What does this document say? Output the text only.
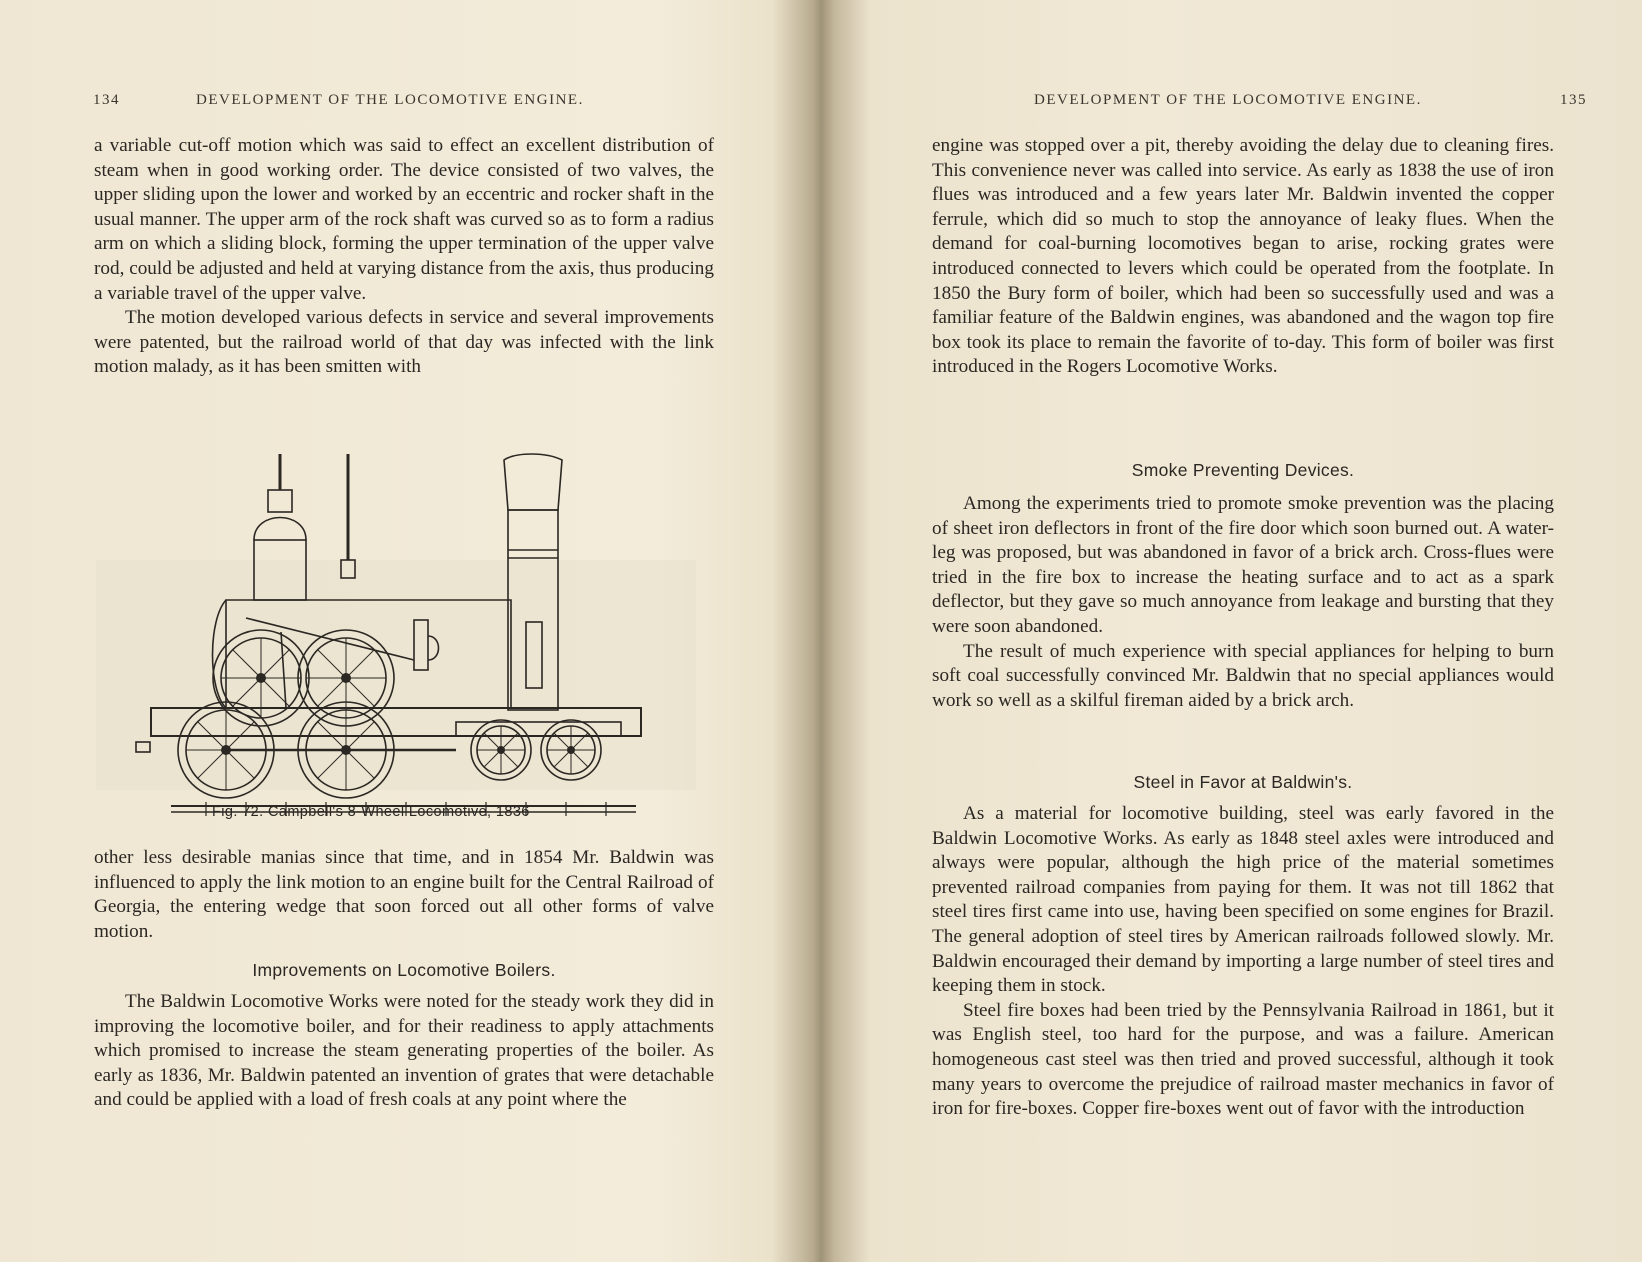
134	DEVELOPMENT OF THE LOCOMOTIVE ENGINE.

a variable cut-off motion which was said to effect an excellent distribution of steam when in good working order. The device consisted of two valves, the upper sliding upon the lower and worked by an eccentric and rocker shaft in the usual manner. The upper arm of the rock shaft was curved so as to form a radius arm on which a sliding block, forming the upper termination of the upper valve rod, could be adjusted and held at varying distance from the axis, thus producing a variable travel of the upper valve.

The motion developed various defects in service and several improvements were patented, but the railroad world of that day was infected with the link motion malady, as it has been smitten with

Fig. 72. Campbell's 8-Wheel Locomotive, 1836

other less desirable manias since that time, and in 1854 Mr. Baldwin was influenced to apply the link motion to an engine built for the Central Railroad of Georgia, the entering wedge that soon forced out all other forms of valve motion.

Improvements on Locomotive Boilers.

The Baldwin Locomotive Works were noted for the steady work they did in improving the locomotive boiler, and for their readiness to apply attachments which promised to increase the steam generating properties of the boiler. As early as 1836, Mr. Baldwin patented an invention of grates that were detachable and could be applied with a load of fresh coals at any point where the

DEVELOPMENT OF THE LOCOMOTIVE ENGINE.	135

engine was stopped over a pit, thereby avoiding the delay due to cleaning fires. This convenience never was called into service. As early as 1838 the use of iron flues was introduced and a few years later Mr. Baldwin invented the copper ferrule, which did so much to stop the annoyance of leaky flues. When the demand for coal-burning locomotives began to arise, rocking grates were introduced connected to levers which could be operated from the footplate. In 1850 the Bury form of boiler, which had been so successfully used and was a familiar feature of the Baldwin engines, was abandoned and the wagon top fire box took its place to remain the favorite of to-day. This form of boiler was first introduced in the Rogers Locomotive Works.

Smoke Preventing Devices.

Among the experiments tried to promote smoke prevention was the placing of sheet iron deflectors in front of the fire door which soon burned out. A water-leg was proposed, but was abandoned in favor of a brick arch. Cross-flues were tried in the fire box to increase the heating surface and to act as a spark deflector, but they gave so much annoyance from leakage and bursting that they were soon abandoned.

The result of much experience with special appliances for helping to burn soft coal successfully convinced Mr. Baldwin that no special appliances would work so well as a skilful fireman aided by a brick arch.

Steel in Favor at Baldwin's.

As a material for locomotive building, steel was early favored in the Baldwin Locomotive Works. As early as 1848 steel axles were introduced and always were popular, although the high price of the material sometimes prevented railroad companies from paying for them. It was not till 1862 that steel tires first came into use, having been specified on some engines for Brazil. The general adoption of steel tires by American railroads followed slowly. Mr. Baldwin encouraged their demand by importing a large number of steel tires and keeping them in stock.

Steel fire boxes had been tried by the Pennsylvania Railroad in 1861, but it was English steel, too hard for the purpose, and was a failure. American homogeneous cast steel was then tried and proved successful, although it took many years to overcome the prejudice of railroad master mechanics in favor of iron for fire-boxes. Copper fire-boxes went out of favor with the introduction
